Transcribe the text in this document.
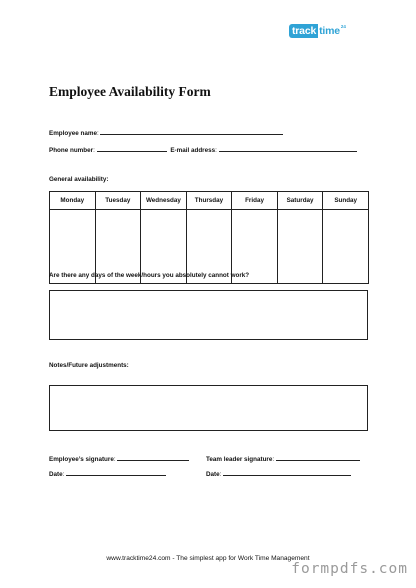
track time 24
Employee Availability Form
Employee name:
Phone number:	E-mail address:
General availability:
Monday	Tuesday	Wednesday	Thursday	Friday	Saturday	Sunday

Are there any days of the week/hours you absolutely cannot work?
Notes/Future adjustments:
Employee’s signature:	Team leader signature:
Date:	Date:
www.tracktime24.com - The simplest app for Work Time Management
formpdfs.com
